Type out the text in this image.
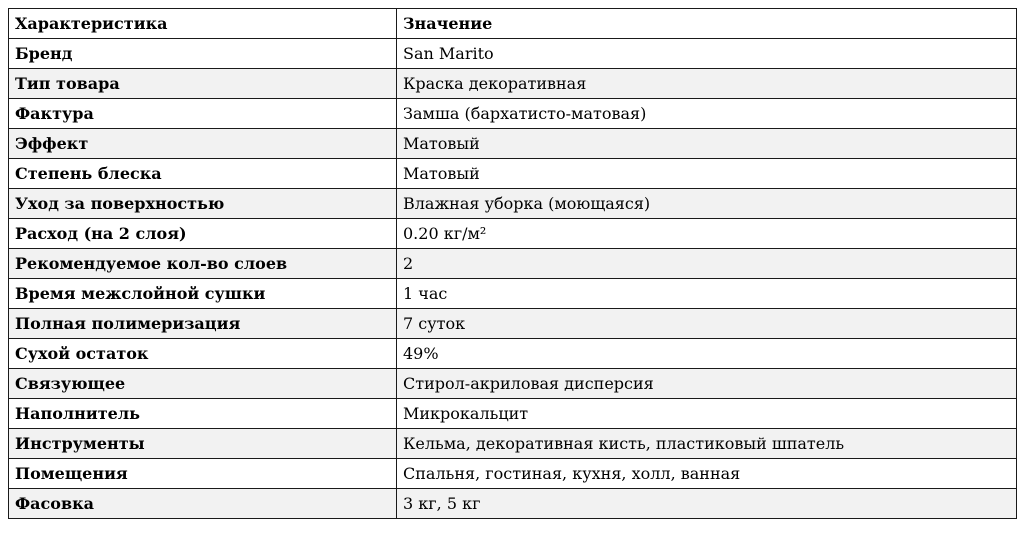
Характеристика	Значение
Бренд	San Marito
Тип товара	Краска декоративная
Фактура	Замша (бархатисто-матовая)
Эффект	Матовый
Степень блеска	Матовый
Уход за поверхностью	Влажная уборка (моющаяся)
Расход (на 2 слоя)	0.20 кг/м²
Рекомендуемое кол-во слоев	2
Время межслойной сушки	1 час
Полная полимеризация	7 суток
Сухой остаток	49%
Связующее	Стирол-акриловая дисперсия
Наполнитель	Микрокальцит
Инструменты	Кельма, декоративная кисть, пластиковый шпатель
Помещения	Спальня, гостиная, кухня, холл, ванная
Фасовка	3 кг, 5 кг
